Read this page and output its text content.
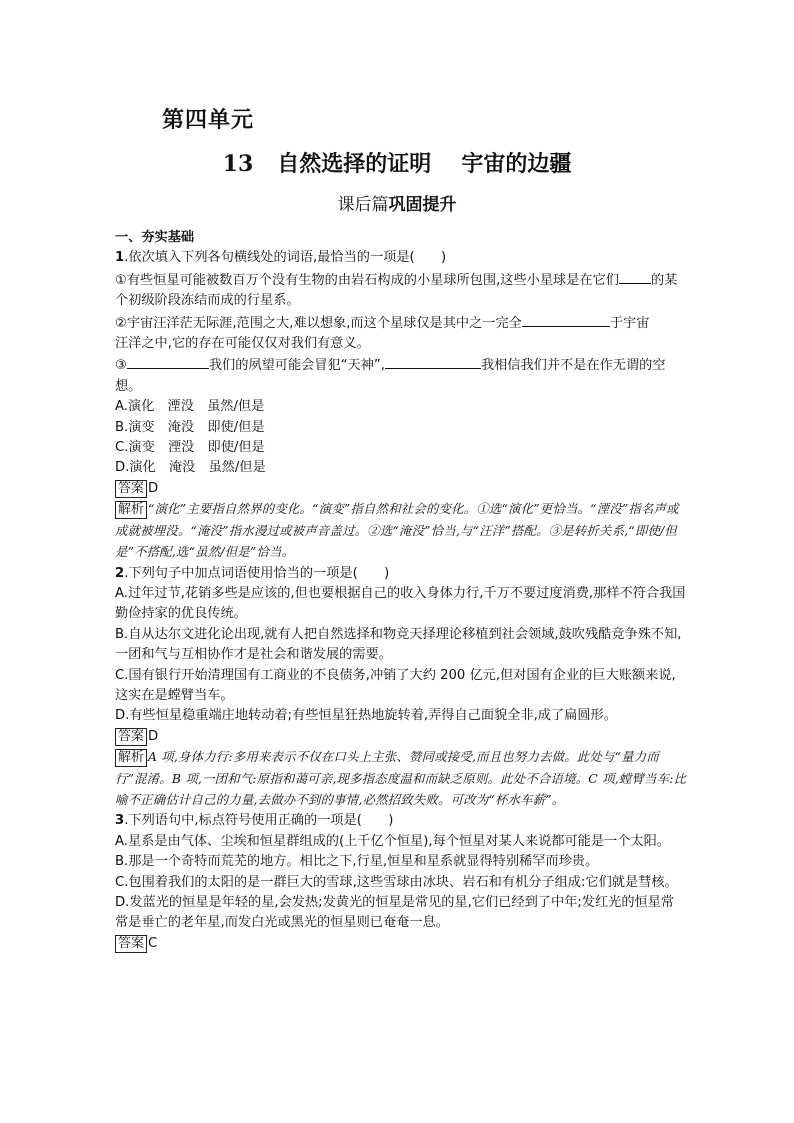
第四单元
13 自然选择的证明 宇宙的边疆
课后篇巩固提升
一、夯实基础

1.依次填入下列各句横线处的词语,最恰当的一项是(　　)

①有些恒星可能被数百万个没有生物的由岩石构成的小星球所包围,这些小星球是在它们 的某个初级阶段冻结而成的行星系。

②宇宙汪洋茫无际涯,范围之大,难以想象,而这个星球仅是其中之一完全	于宇宙
汪洋之中,它的存在可能仅仅对我们有意义。

③	我们的夙望可能会冒犯“天神”,	我相信我们并不是在作无谓的空
想。

A.演化　湮没　虽然/但是

B.演变　淹没　即使/但是

C.演变　湮没　即使/但是

D.演化　淹没　虽然/但是

答案 D

解析 “演化”主要指自然界的变化。“演变”指自然和社会的变化。①选“演化”更恰当。“湮没”指名声或成就被埋没。“淹没”指水漫过或被声音盖过。②选“淹没”恰当,与“汪洋”搭配。③是转折关系,“即使/但是”不搭配,选“虽然/但是”恰当。

2.下列句子中加点词语使用恰当的一项是(　　)

A.过年过节,花销多些是应该的,但也要根据自己的收入身体力行,千万不要过度消费,那样不符合我国勤俭持家的优良传统。

B.自从达尔文进化论出现,就有人把自然选择和物竞天择理论移植到社会领域,鼓吹残酷竞争殊不知,一团和气与互相协作才是社会和谐发展的需要。

C.国有银行开始清理国有工商业的不良债务,冲销了大约 200 亿元,但对国有企业的巨大账额来说,这实在是螳臂当车。

D.有些恒星稳重端庄地转动着;有些恒星狂热地旋转着,弄得自己面貌全非,成了扁圆形。

答案 D

解析 A 项,身体力行:多用来表示不仅在口头上主张、赞同或接受,而且也努力去做。此处与“量力而行”混淆。B 项,一团和气:原指和蔼可亲,现多指态度温和而缺乏原则。此处不合语境。C 项,螳臂当车:比喻不正确估计自己的力量,去做办不到的事情,必然招致失败。可改为“杯水车薪”。

3.下列语句中,标点符号使用正确的一项是(　　)

A.星系是由气体、尘埃和恒星群组成的(上千亿个恒星),每个恒星对某人来说都可能是一个太阳。

B.那是一个奇特而荒芜的地方。相比之下,行星,恒星和星系就显得特别稀罕而珍贵。

C.包围着我们的太阳的是一群巨大的雪球,这些雪球由冰块、岩石和有机分子组成:它们就是彗核。

D.发蓝光的恒星是年轻的星,会发热;发黄光的恒星是常见的星,它们已经到了中年;发红光的恒星常常是垂亡的老年星,而发白光或黑光的恒星则已奄奄一息。

答案 C
